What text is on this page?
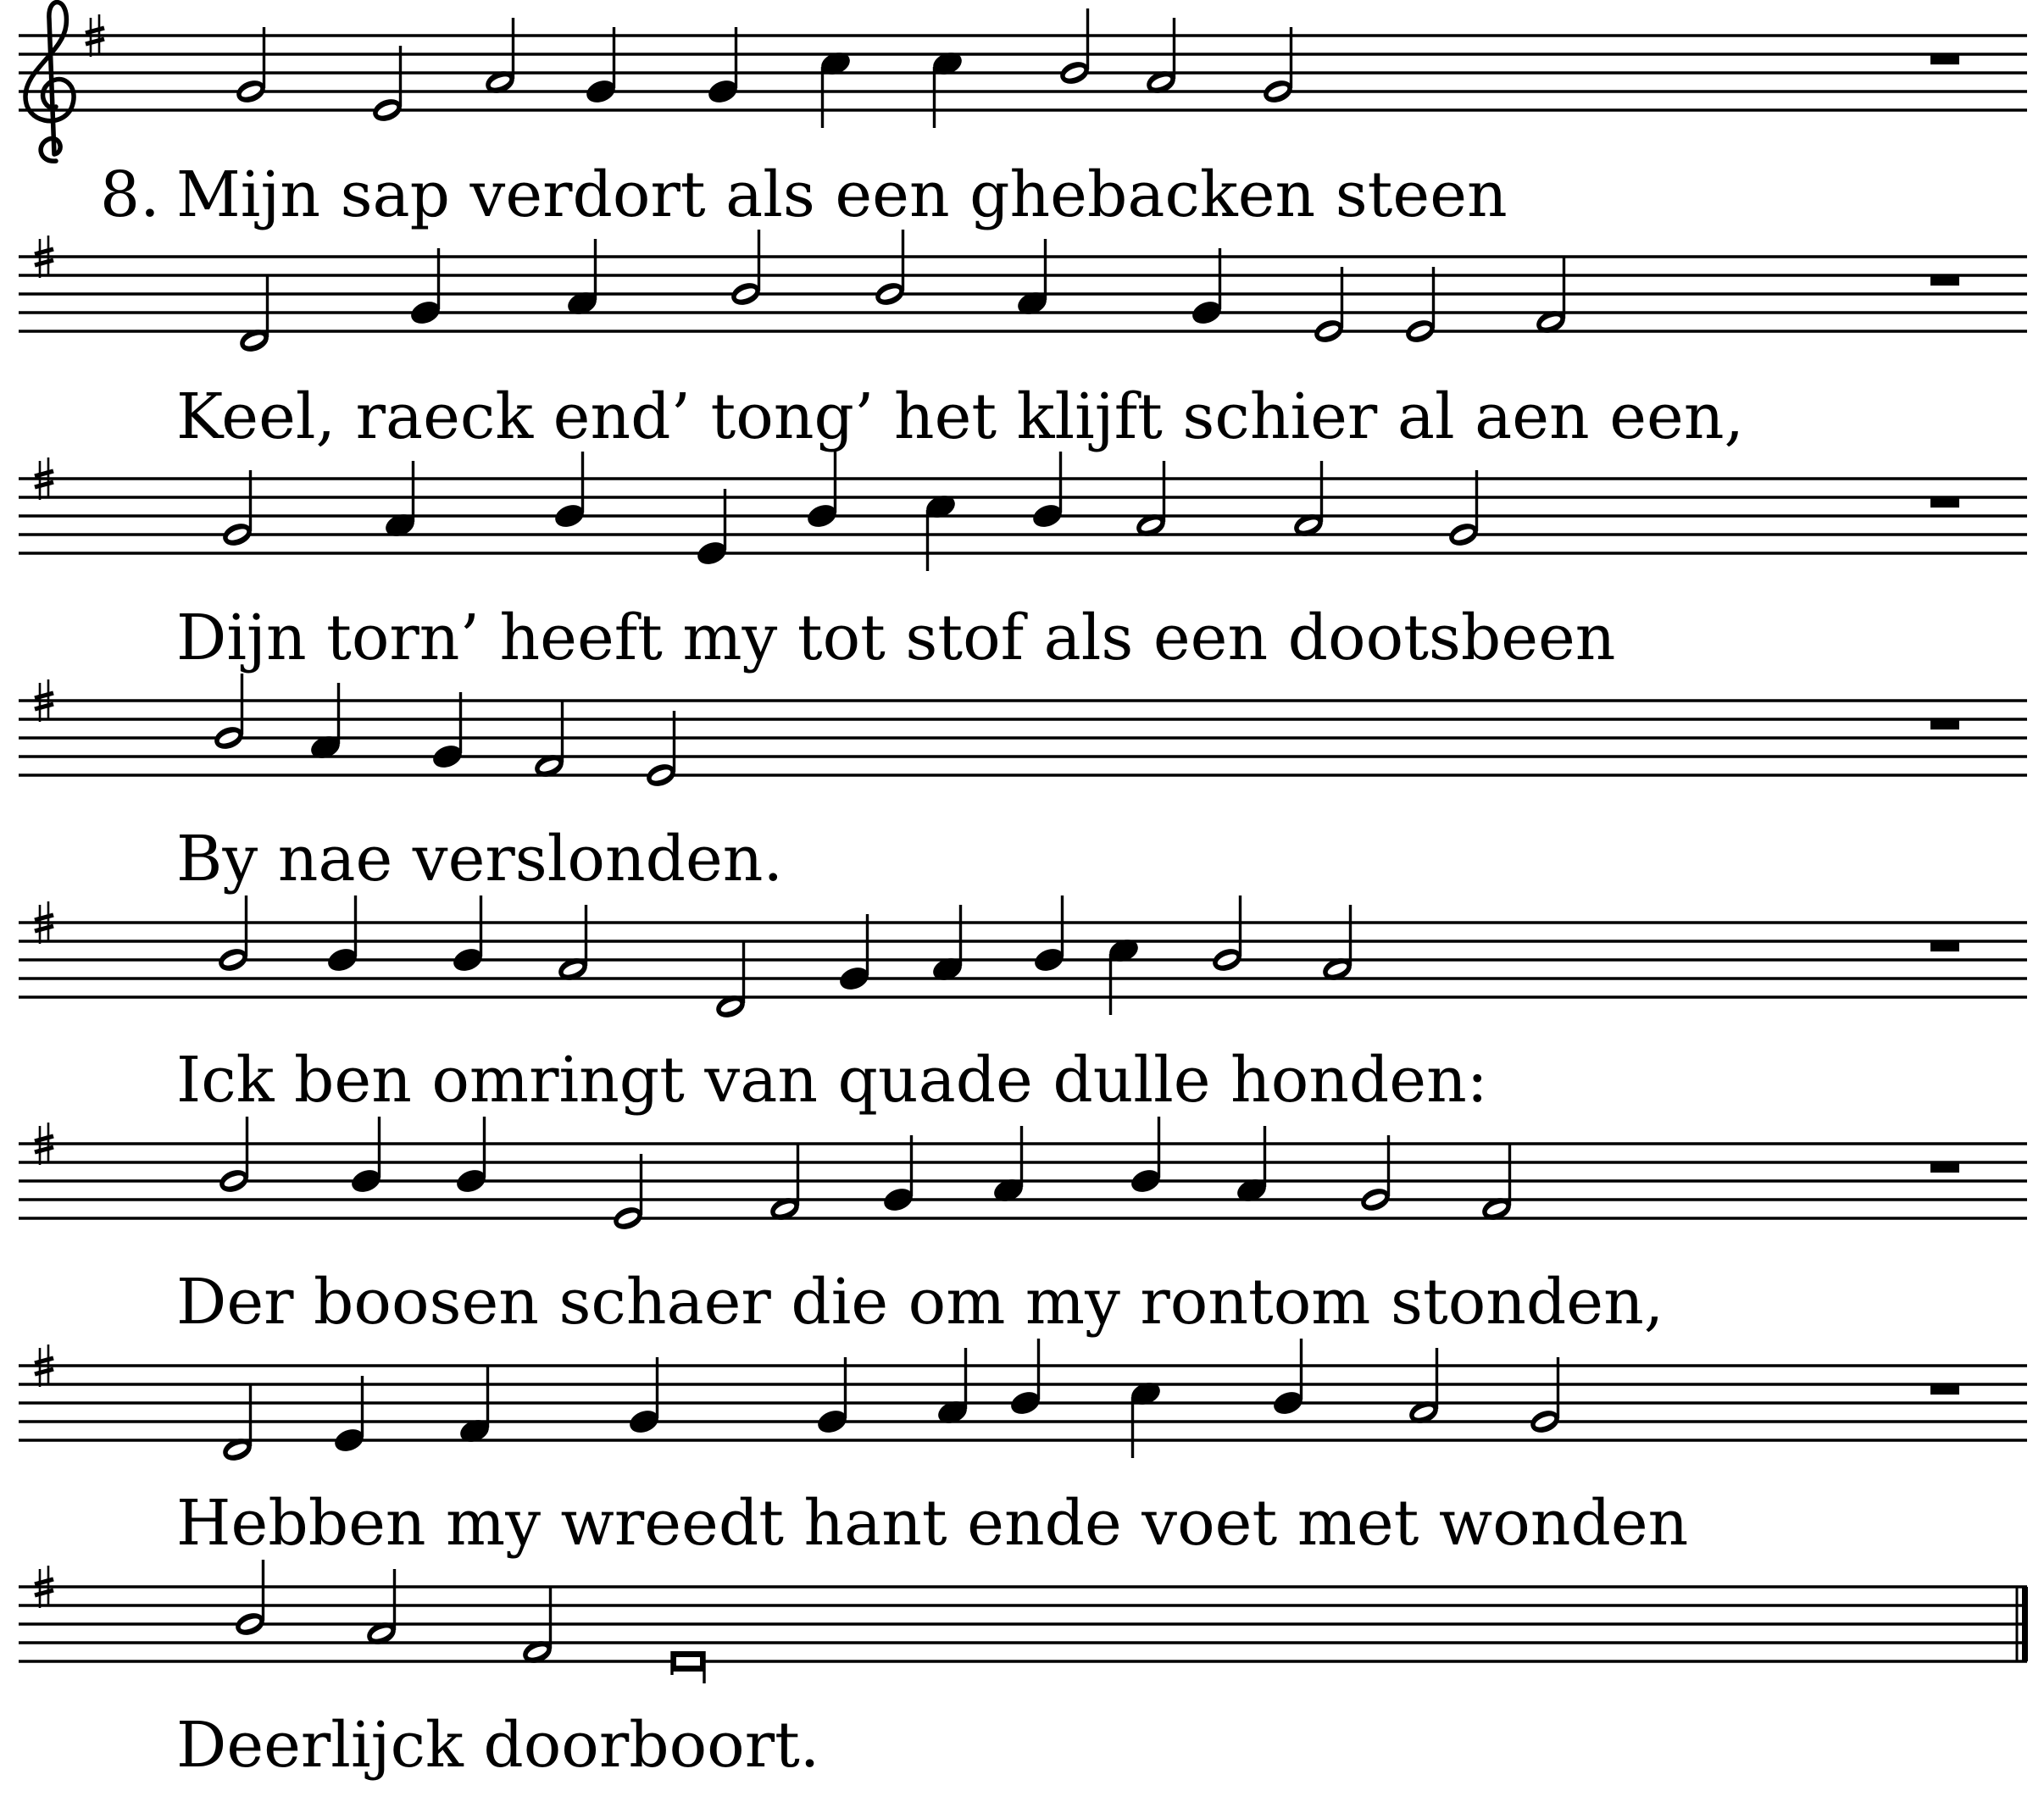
Mijn sap verdort als een ghebacken steen
8.
Keel, raeck end’ tong’ het klijft schier al aen een,
Dijn torn’ heeft my tot stof als een dootsbeen
By nae verslonden.
Ick ben omringt van quade dulle honden:
Der boosen schaer die om my rontom stonden,
Hebben my wreedt hant ende voet met wonden
Deerlijck doorboort.
